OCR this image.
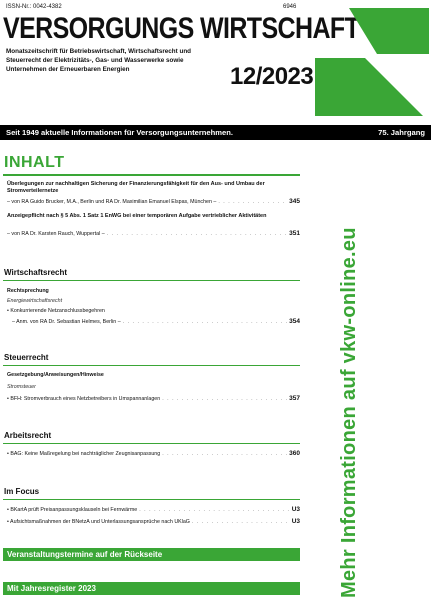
ISSN-Nr.: 0042-4382	6946
VERSORGUNGS WIRTSCHAFT
Monatszeitschrift für Betriebswirtschaft, Wirtschaftsrecht und Steuerrecht der Elektrizitäts-, Gas- und Wasserwerke sowie Unternehmen der Erneuerbaren Energien	12/2023
Seit 1949 aktuelle Informationen für Versorgungsunternehmen.	75. Jahrgang
INHALT
Überlegungen zur nachhaltigen Sicherung der Finanzierungsfähigkeit für den Aus- und Umbau der Stromverteilernetze
– von RA Guido Brucker, M.A., Berlin und RA Dr. Maximilian Emanuel Elspas, München – . . .	345
Anzeigepflicht nach § 5 Abs. 1 Satz 1 EnWG bei einer temporären Aufgabe vertrieblicher Aktivitäten
– von RA Dr. Karsten Rauch, Wuppertal – . . .	351
Wirtschaftsrecht
Rechtsprechung
Energiewirtschaftsrecht
• Konkurrierende Netzanschlussbegehren
– Anm. von RA Dr. Sebastian Helmes, Berlin – . . .	354
Steuerrecht
Gesetzgebung/Anweisungen/Hinweise
Stromsteuer
• BFH: Stromverbrauch eines Netzbetreibers in Umspannanlagen . . .	357
Arbeitsrecht
• BAG: Keine Maßregelung bei nachträglicher Zeugnisanpassung . . .	360
Im Focus
• BKartA prüft Preisanpassungsklauseln bei Fernwärme . . .	U3
• Aufsichtsmaßnahmen der BNetzA und Unterlassungsansprüche nach UKlaG . . .	U3
Veranstaltungstermine auf der Rückseite
Mit Jahresregister 2023	Mehr Informationen auf vkw-online.eu
